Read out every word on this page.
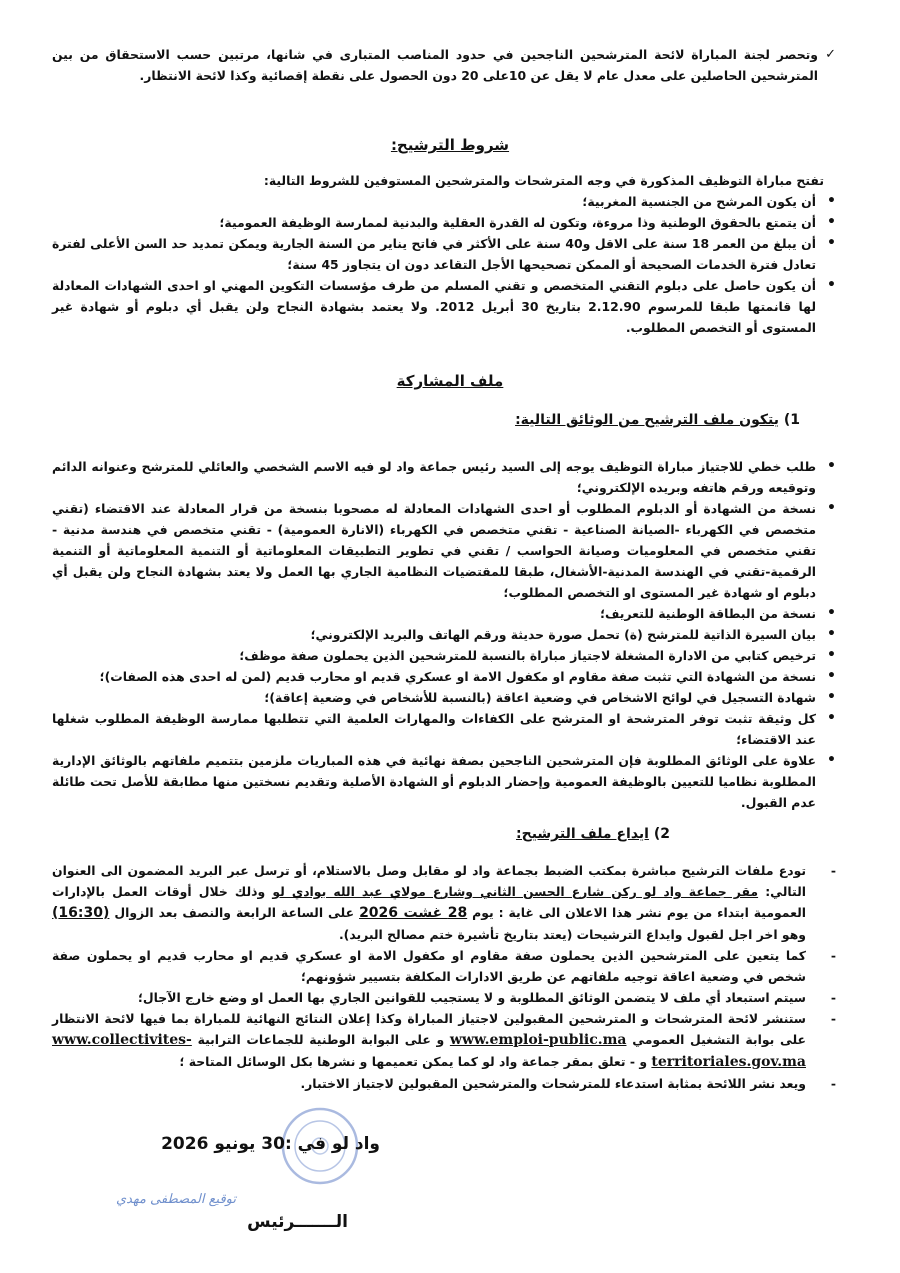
✓

وتحصر لجنة المباراة لائحة المترشحين الناجحين في حدود المناصب المتبارى في شانها، مرتبين حسب الاستحقاق من بين المترشحين الحاصلين على معدل عام لا يقل عن 10على 20 دون الحصول على نقطة إقصائية وكذا لائحة الانتظار.

شروط الترشيح:

تفتح مباراة التوظيف المذكورة في وجه المترشحات والمترشحين المستوفين للشروط التالية:

• أن يكون المرشح من الجنسية المغربية؛
• أن يتمتع بالحقوق الوطنية وذا مروءة، وتكون له القدرة العقلية والبدنية لممارسة الوظيفة العمومية؛
• أن يبلغ من العمر 18 سنة على الاقل و40 سنة على الأكثر في فاتح يناير من السنة الجارية ويمكن تمديد حد السن الأعلى لفترة تعادل فترة الخدمات الصحيحة أو الممكن تصحيحها الأجل التقاعد دون ان يتجاوز 45 سنة؛
• أن يكون حاصل على دبلوم التقني المتخصص و تقني المسلم من طرف مؤسسات التكوين المهني او احدى الشهادات المعادلة لها قانمتها طبقا للمرسوم 2.12.90 بتاريخ 30 أبريل 2012. ولا يعتمد بشهادة النجاح ولن يقبل أي دبلوم أو شهادة غير المستوى أو التخصص المطلوب.
ملف المشاركة
1) يتكون ملف الترشيح من الوثائق التالية:
• طلب خطي للاجتياز مباراة التوظيف يوجه إلى السيد رئيس جماعة واد لو فيه الاسم الشخصي والعائلي للمترشح وعنوانه الدائم وتوقيعه ورقم هاتفه وبريده الإلكتروني؛
• نسخة من الشهادة أو الدبلوم المطلوب أو احدى الشهادات المعادلة له مصحوبا بنسخة من قرار المعادلة عند الاقتضاء (تقني متخصص في الكهرباء -الصيانة الصناعية - تقني متخصص في الكهرباء (الانارة العمومية) - تقني متخصص في هندسة مدنية - تقني متخصص في المعلوميات وصيانة الحواسب / تقني في تطوير التطبيقات المعلوماتية أو التنمية المعلوماتية أو التنمية الرقمية-تقني في الهندسة المدنية-الأشغال، طبقا للمقتضيات النظامية الجاري بها العمل ولا يعتد بشهادة النجاح ولن يقبل أي دبلوم او شهادة غير المستوى او التخصص المطلوب؛
• نسخة من البطاقة الوطنية للتعريف؛
• بيان السيرة الذاتية للمترشح (ة) تحمل صورة حديثة ورقم الهاتف والبريد الإلكتروني؛
• ترخيص كتابي من الادارة المشغلة لاجتياز مباراة بالنسبة للمترشحين الذين يحملون صفة موظف؛
• نسخة من الشهادة التي تثبت صفة مقاوم او مكفول الامة او عسكري قديم او محارب قديم (لمن له احدى هذه الصفات)؛
• شهادة التسجيل في لوائح الاشخاص في وضعية اعاقة (بالنسبة للأشخاص في وضعية إعاقة)؛
• كل وثيقة تثبت توفر المترشحة او المترشح على الكفاءات والمهارات العلمية التي تتطلبها ممارسة الوظيفة المطلوب شغلها عند الاقتضاء؛
• علاوة على الوثائق المطلوبة فإن المترشحين الناجحين بصفة نهائية في هذه المباريات ملزمين بتتميم ملفاتهم بالوثائق الإدارية المطلوبة نظاميا للتعيين بالوظيفة العمومية وإحضار الدبلوم أو الشهادة الأصلية وتقديم نسختين منها مطابقة للأصل تحت طائلة عدم القبول.
2) ايداع ملف الترشيح:
- تودع ملفات الترشيح مباشرة بمكتب الضبط بجماعة واد لو مقابل وصل بالاستلام، أو ترسل عبر البريد المضمون الى العنوان التالي: مقر جماعة واد لو ركن شارع الحسن الثاني وشارع مولاي عبد الله بوادي لو وذلك خلال أوقات العمل بالإدارات العمومية ابتداء من يوم نشر هذا الاعلان الى غاية : يوم 28 غشت 2026 على الساعة الرابعة والنصف بعد الزوال (16:30) وهو اخر اجل لقبول وايداع الترشيحات (يعتد بتاريخ تأشيرة ختم مصالح البريد).
- كما يتعين على المترشحين الذين يحملون صفة مقاوم او مكفول الامة او عسكري قديم او محارب قديم او يحملون صفة شخص في وضعية اعاقة توجيه ملفاتهم عن طريق الادارات المكلفة بتسيير شؤونهم؛
- سيتم استبعاد أي ملف لا يتضمن الوثائق المطلوبة و لا يستجيب للقوانين الجاري بها العمل او وضع خارج الآجال؛
- ستنشر لائحة المترشحات و المترشحين المقبولين لاجتياز المباراة وكذا إعلان النتائج النهائية للمباراة بما فيها لائحة الانتظار على بوابة التشغيل العمومي www.emploi-public.ma و على البوابة الوطنية للجماعات الترابية www.collectivites-territoriales.gov.ma و - تعلق بمقر جماعة واد لو كما يمكن تعميمها و نشرها بكل الوسائل المتاحة ؛
- ويعد نشر اللائحة بمثابة استدعاء للمترشحات والمترشحين المقبولين لاجتياز الاختبار.
واد لو في :30 يونيو 2026
توقيع المصطفى مهدي
الـــــــرئيس
